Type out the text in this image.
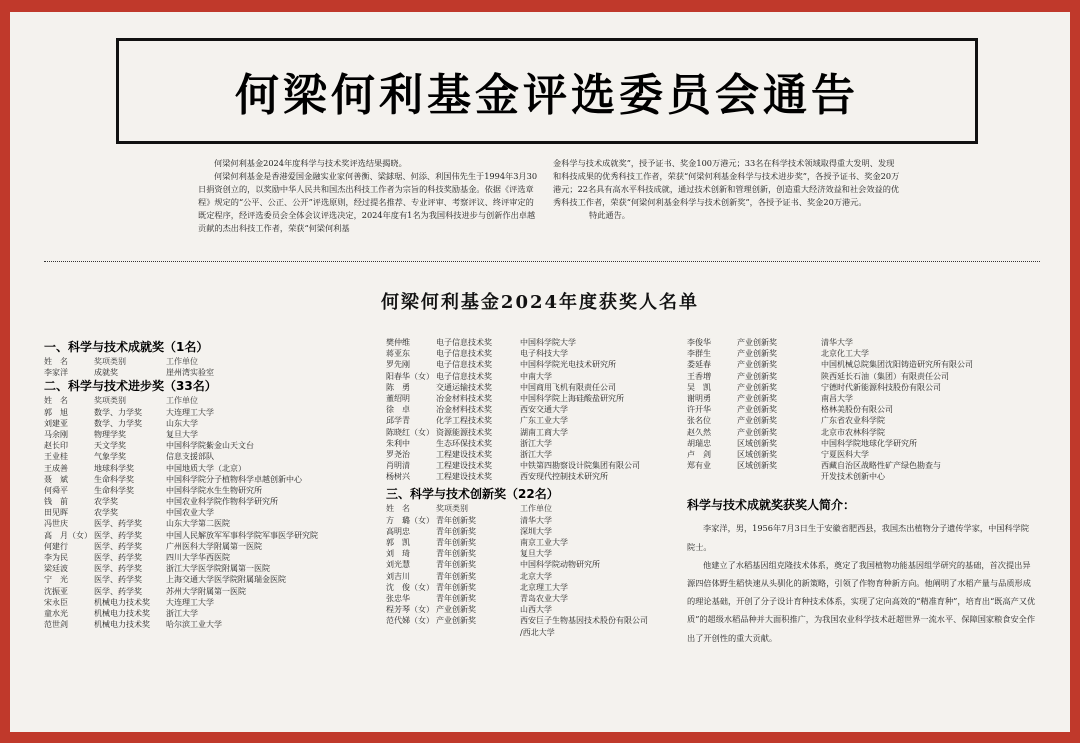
何梁何利基金评选委员会通告

何梁何利基金2024年度科学与技术奖评选结果揭晓。

何梁何利基金是香港爱国金融实业家何善衡、梁銶琚、何添、利国伟先生于1994年3月30日捐资创立的，以奖励中华人民共和国杰出科技工作者为宗旨的科技奖励基金。依据《评选章程》规定的“公平、公正、公开”评选原则，经过提名推荐、专业评审、考察评议、终评审定的既定程序，经评选委员会全体会议评选决定，2024年度有1名为我国科技进步与创新作出卓越贡献的杰出科技工作者，荣获“何梁何利基

金科学与技术成就奖”，授予证书、奖金100万港元；33名在科学技术领域取得重大发明、发现和科技成果的优秀科技工作者，荣获“何梁何利基金科学与技术进步奖”，各授予证书、奖金20万港元；22名具有高水平科技成就，通过技术创新和管理创新，创造重大经济效益和社会效益的优秀科技工作者，荣获“何梁何利基金科学与技术创新奖”，各授予证书、奖金20万港元。

特此通告。

何梁何利基金2024年度获奖人名单
一、科学与技术成就奖（1名）
姓　名	奖项类别	工作单位
李家洋	成就奖	崖州湾实验室
二、科学与技术进步奖（33名）
姓　名	奖项类别	工作单位
郭　旭	数学、力学奖	大连理工大学
刘建亚	数学、力学奖	山东大学
马余刚	物理学奖	复旦大学
赵长印	天文学奖	中国科学院紫金山天文台
王业桂	气象学奖	信息支援部队
王成善	地球科学奖	中国地质大学（北京）
聂　斌	生命科学奖	中国科学院分子植物科学卓越创新中心
何舜平	生命科学奖	中国科学院水生生物研究所
钱　前	农学奖	中国农业科学院作物科学研究所
田见晖	农学奖	中国农业大学
冯世庆	医学、药学奖	山东大学第二医院
高　月（女） 医学、药学奖	中国人民解放军军事科学院军事医学研究院
何建行	医学、药学奖	广州医科大学附属第一医院
李为民	医学、药学奖	四川大学华西医院
梁廷波	医学、药学奖	浙江大学医学院附属第一医院
宁　光	医学、药学奖	上海交通大学医学院附属瑞金医院
沈振亚	医学、药学奖	苏州大学附属第一医院
宋永臣	机械电力技术奖	大连理工大学
童水光	机械电力技术奖	浙江大学
范世剑	机械电力技术奖	哈尔滨工业大学
樊仲维	电子信息技术奖	中国科学院大学
蒋亚东	电子信息技术奖	电子科技大学
罗先刚	电子信息技术奖	中国科学院光电技术研究所
阳春华（女） 电子信息技术奖	中南大学
陈　勇	交通运输技术奖	中国商用飞机有限责任公司
董绍明	冶金材料技术奖	中国科学院上海硅酸盐研究所
徐　卓	冶金材料技术奖	西安交通大学
邱学青	化学工程技术奖	广东工业大学
陈晓红（女） 资源能源技术奖	湖南工商大学
朱利中	生态环保技术奖	浙江大学
罗尧治	工程建设技术奖	浙江大学
肖明清	工程建设技术奖	中铁第四勘察设计院集团有限公司
杨树兴	工程建设技术奖	西安现代控制技术研究所
三、科学与技术创新奖（22名）
姓　名	奖项类别	工作单位
方　璐（女） 青年创新奖	清华大学
高明忠	青年创新奖	深圳大学
郭　凯	青年创新奖	南京工业大学
刘　琦	青年创新奖	复旦大学
刘光慧	青年创新奖	中国科学院动物研究所
刘吉川	青年创新奖	北京大学
沈　俊（女） 青年创新奖	北京理工大学
张忠华	青年创新奖	青岛农业大学
程芳琴（女） 产业创新奖	山西大学
范代娣（女） 产业创新奖	西安巨子生物基因技术股份有限公司
/西北大学
李俊华	产业创新奖	清华大学
李群生	产业创新奖	北京化工大学
娄延春	产业创新奖	中国机械总院集团沈阳铸造研究所有限公司
王香増	产业创新奖	陕西延长石油（集团）有限责任公司
吴　凯	产业创新奖	宁德时代新能源科技股份有限公司
谢明勇	产业创新奖	南昌大学
许开华	产业创新奖	格林美股份有限公司
张名位	产业创新奖	广东省农业科学院
赵久然	产业创新奖	北京市农林科学院
胡瑞忠	区域创新奖	中国科学院地球化学研究所
卢　剑	区域创新奖	宁夏医科大学
郑有业	区域创新奖	西藏自治区战略性矿产绿色勘查与
开发技术创新中心
科学与技术成就奖获奖人简介：

李家洋，男，1956年7月3日生于安徽省肥西县，我国杰出植物分子遗传学家，中国科学院院士。

他建立了水稻基因组克隆技术体系，奠定了我国植物功能基因组学研究的基础，首次提出异源四倍体野生稻快速从头驯化的新策略，引领了作物育种新方向。他阐明了水稻产量与品质形成的理论基础，开创了分子设计育种技术体系，实现了定向高效的“精准育种”，培育出“既高产又优质”的超级水稻品种并大面积推广，为我国农业科学技术赶超世界一流水平、保障国家粮食安全作出了开创性的重大贡献。
